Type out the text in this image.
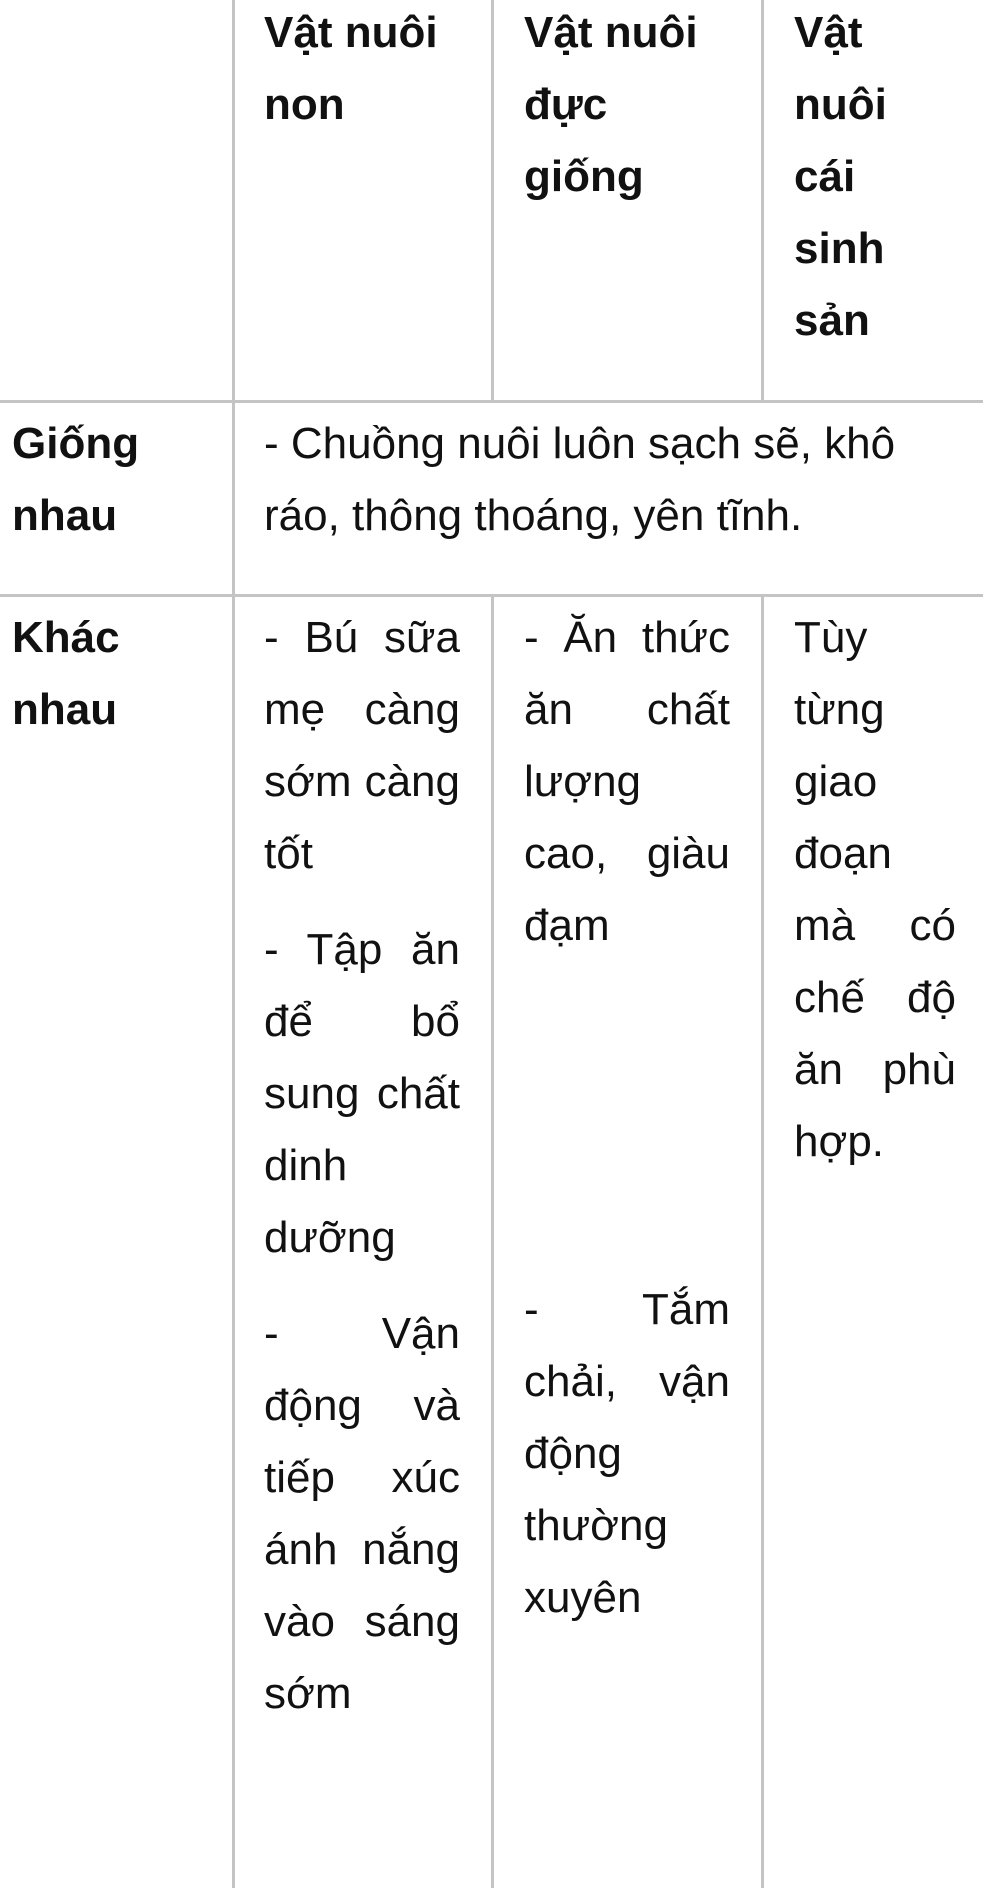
Vật nuôi non

Vật nuôi đực giống

Vật nuôi cái sinh sản

Giống nhau

- Chuồng nuôi luôn sạch sẽ, khô ráo, thông thoáng, yên tĩnh.

Khác nhau

- Bú sữa mẹ càng sớm càng tốt

- Tập ăn để bổ sung chất dinh dưỡng

- Vận động và tiếp xúc ánh nắng vào sáng sớm

- Ăn thức ăn chất lượng cao, giàu đạm

- Tắm chải, vận động thường xuyên

Tùy từng giao đoạn mà có chế độ ăn phù hợp.
